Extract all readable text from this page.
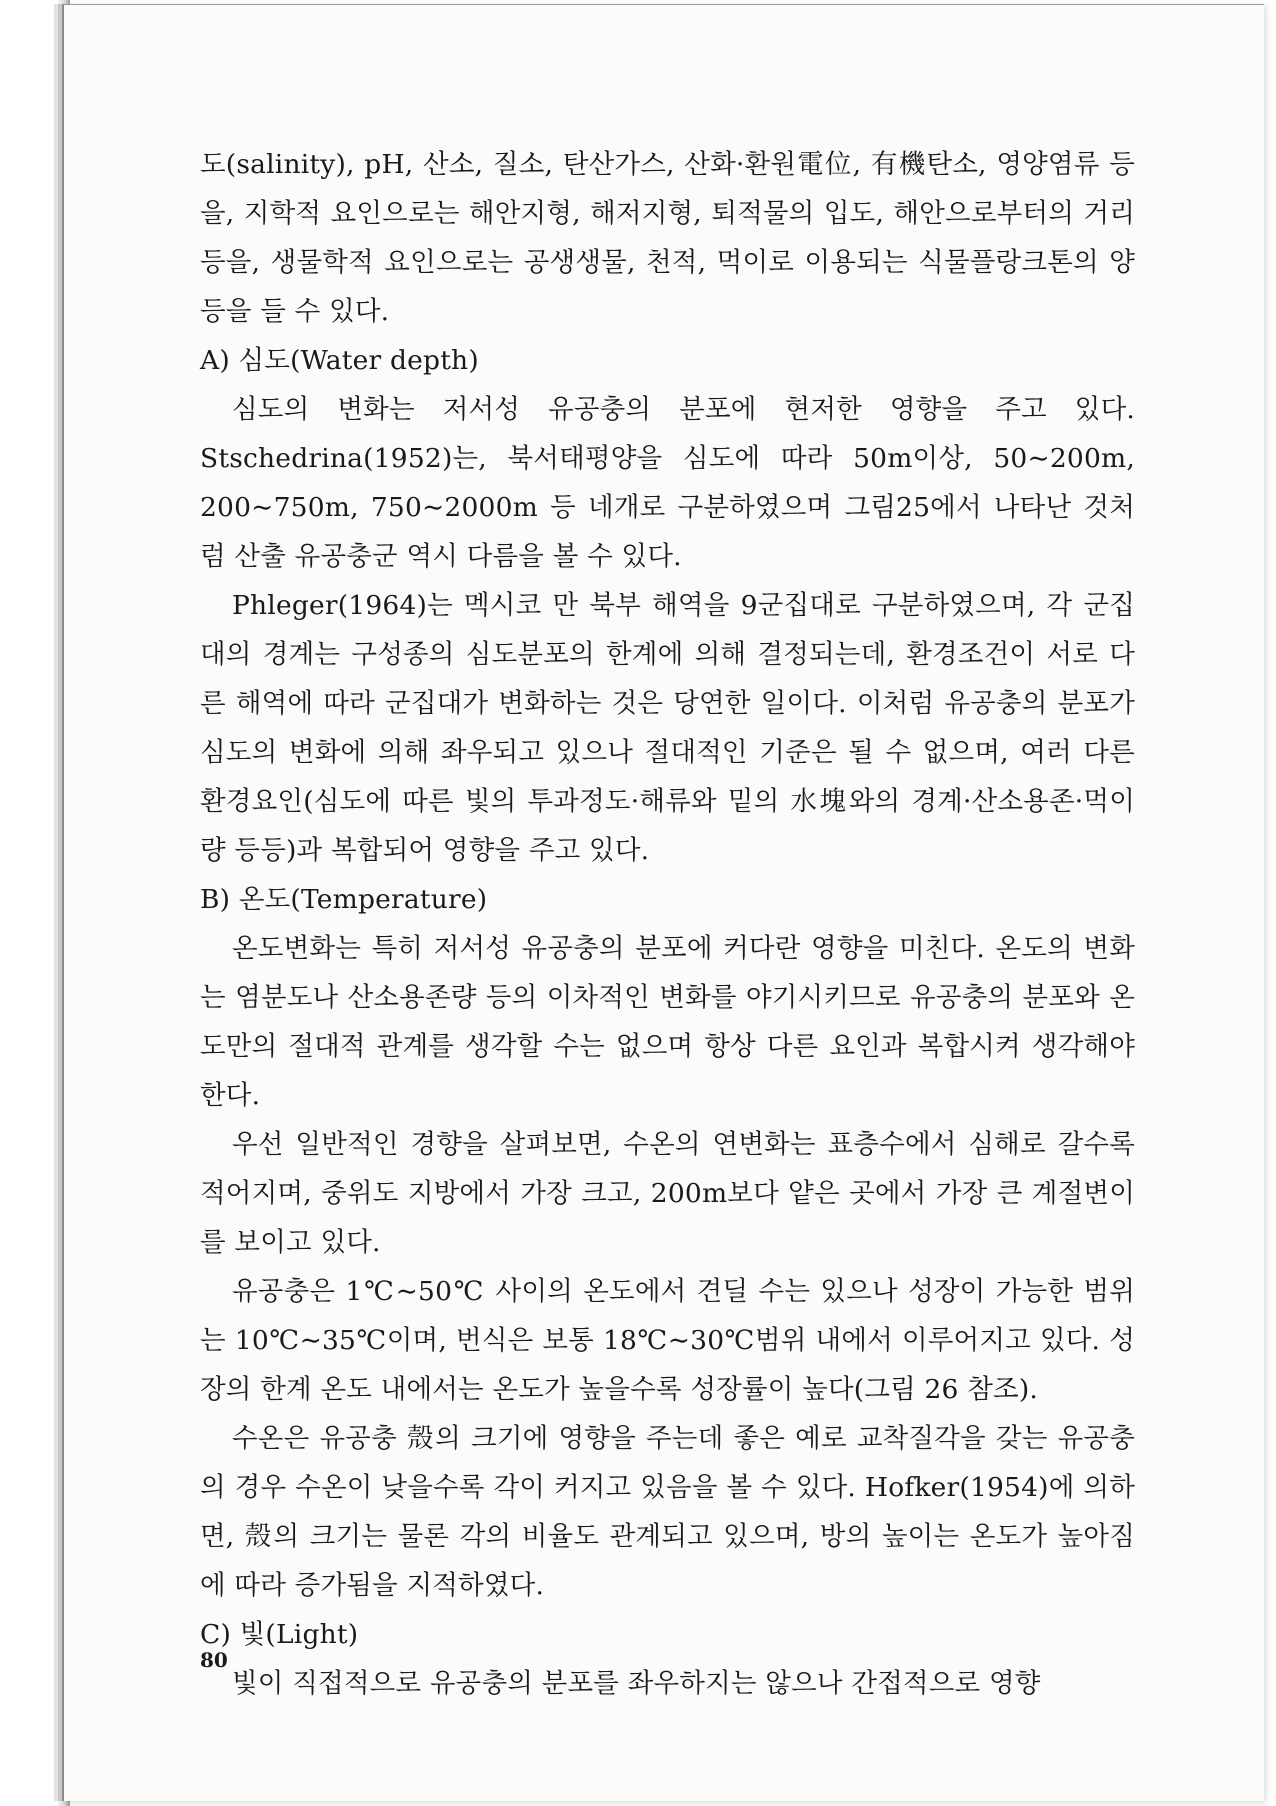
도(salinity), pH, 산소, 질소, 탄산가스, 산화·환원電位, 有機탄소, 영양염류 등을, 지학적 요인으로는 해안지형, 해저지형, 퇴적물의 입도, 해안으로부터의 거리 등을, 생물학적 요인으로는 공생생물, 천적, 먹이로 이용되는 식물플랑크톤의 양 등을 들 수 있다.

A) 심도(Water depth)

심도의 변화는 저서성 유공충의 분포에 현저한 영향을 주고 있다. Stschedrina(1952)는, 북서태평양을 심도에 따라 50m이상, 50∼200m, 200∼750m, 750∼2000m 등 네개로 구분하였으며 그림25에서 나타난 것처럼 산출 유공충군 역시 다름을 볼 수 있다.

Phleger(1964)는 멕시코 만 북부 해역을 9군집대로 구분하였으며, 각 군집대의 경계는 구성종의 심도분포의 한계에 의해 결정되는데, 환경조건이 서로 다른 해역에 따라 군집대가 변화하는 것은 당연한 일이다. 이처럼 유공충의 분포가 심도의 변화에 의해 좌우되고 있으나 절대적인 기준은 될 수 없으며, 여러 다른 환경요인(심도에 따른 빛의 투과정도·해류와 밑의 水塊와의 경계·산소용존·먹이량 등등)과 복합되어 영향을 주고 있다.

B) 온도(Temperature)

온도변화는 특히 저서성 유공충의 분포에 커다란 영향을 미친다. 온도의 변화는 염분도나 산소용존량 등의 이차적인 변화를 야기시키므로 유공충의 분포와 온도만의 절대적 관계를 생각할 수는 없으며 항상 다른 요인과 복합시켜 생각해야 한다.

우선 일반적인 경향을 살펴보면, 수온의 연변화는 표층수에서 심해로 갈수록 적어지며, 중위도 지방에서 가장 크고, 200m보다 얕은 곳에서 가장 큰 계절변이를 보이고 있다.

유공충은 1℃∼50℃ 사이의 온도에서 견딜 수는 있으나 성장이 가능한 범위는 10℃∼35℃이며, 번식은 보통 18℃∼30℃범위 내에서 이루어지고 있다. 성장의 한계 온도 내에서는 온도가 높을수록 성장률이 높다(그림 26 참조).

수온은 유공충 殼의 크기에 영향을 주는데 좋은 예로 교착질각을 갖는 유공충의 경우 수온이 낮을수록 각이 커지고 있음을 볼 수 있다. Hofker(1954)에 의하면, 殼의 크기는 물론 각의 비율도 관계되고 있으며, 방의 높이는 온도가 높아짐에 따라 증가됨을 지적하였다.

C) 빛(Light)

빛이 직접적으로 유공충의 분포를 좌우하지는 않으나 간접적으로 영향

80
